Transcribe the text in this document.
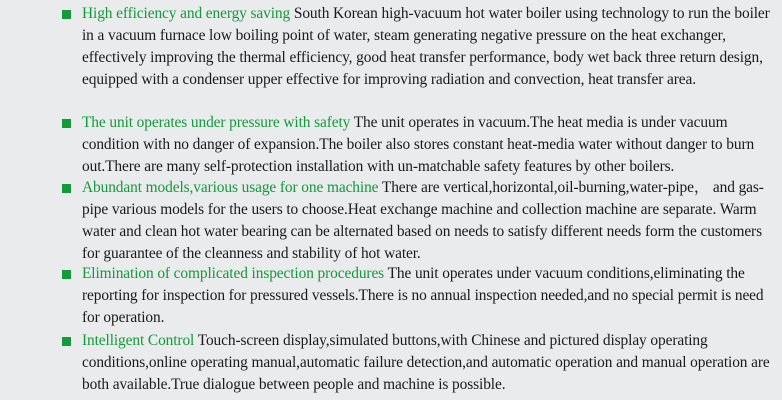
High efficiency and energy saving South Korean high-vacuum hot water boiler using technology to run the boiler in a vacuum furnace low boiling point of water, steam generating negative pressure on the heat exchanger, effectively improving the thermal efficiency, good heat transfer performance, body wet back three return design, equipped with a condenser upper effective for improving radiation and convection, heat transfer area.
The unit operates under pressure with safety The unit operates in vacuum.The heat media is under vacuum condition with no danger of expansion.The boiler also stores constant heat-media water without danger to burn out.There are many self-protection installation with un-matchable safety features by other boilers.
Abundant models,various usage for one machine There are vertical,horizontal,oil-burning,water-pipe， and gas-pipe various models for the users to choose.Heat exchange machine and collection machine are separate. Warm water and clean hot water bearing can be alternated based on needs to satisfy different needs form the customers for guarantee of the cleanness and stability of hot water.
Elimination of complicated inspection procedures The unit operates under vacuum conditions,eliminating the reporting for inspection for pressured vessels.There is no annual inspection needed,and no special permit is need for operation.
Intelligent Control Touch-screen display,simulated buttons,with Chinese and pictured display operating conditions,online operating manual,automatic failure detection,and automatic operation and manual operation are both available.True dialogue between people and machine is possible.
